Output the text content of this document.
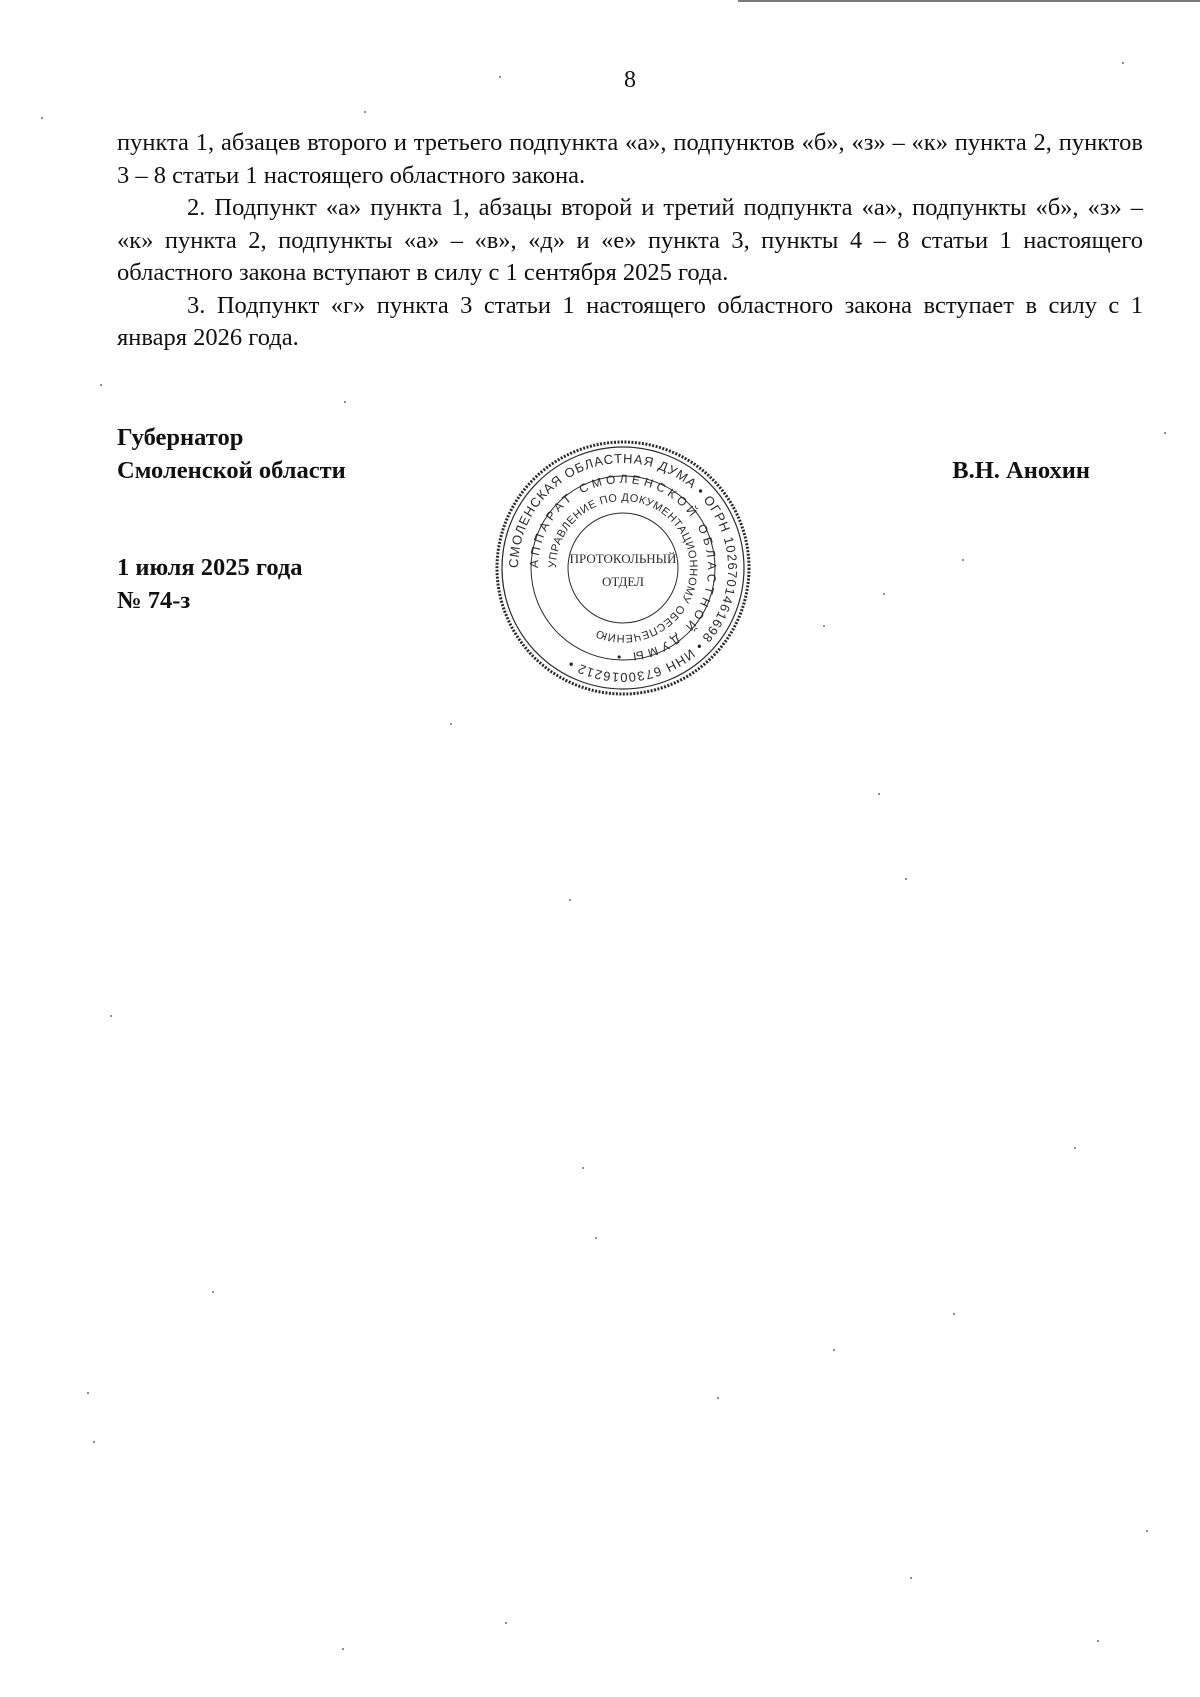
8

пункта 1, абзацев второго и третьего подпункта «а», подпунктов «б», «з» – «к» пункта 2, пунктов 3 – 8 статьи 1 настоящего областного закона.

2. Подпункт «а» пункта 1, абзацы второй и третий подпункта «а», подпункты «б», «з» – «к» пункта 2, подпункты «а» – «в», «д» и «е» пункта 3, пункты 4 – 8 статьи 1 настоящего областного закона вступают в силу с 1 сентября 2025 года.

3. Подпункт «г» пункта 3 статьи 1 настоящего областного закона вступает в силу с 1 января 2026 года.

Губернатор
Смоленской области	В.Н. Анохин
1 июля 2025 года
№ 74-з
СМОЛЕНСКАЯ ОБЛАСТНАЯ ДУМА • ОГРН 1026701461698 • ИНН 6730016212 •
АППАРАТ СМОЛЕНСКОЙ ОБЛАСТНОЙ ДУМЫ •
УПРАВЛЕНИЕ ПО ДОКУМЕНТАЦИОННОМУ ОБЕСПЕЧЕНИЮ
ПРОТОКОЛЬНЫЙ
ОТДЕЛ
